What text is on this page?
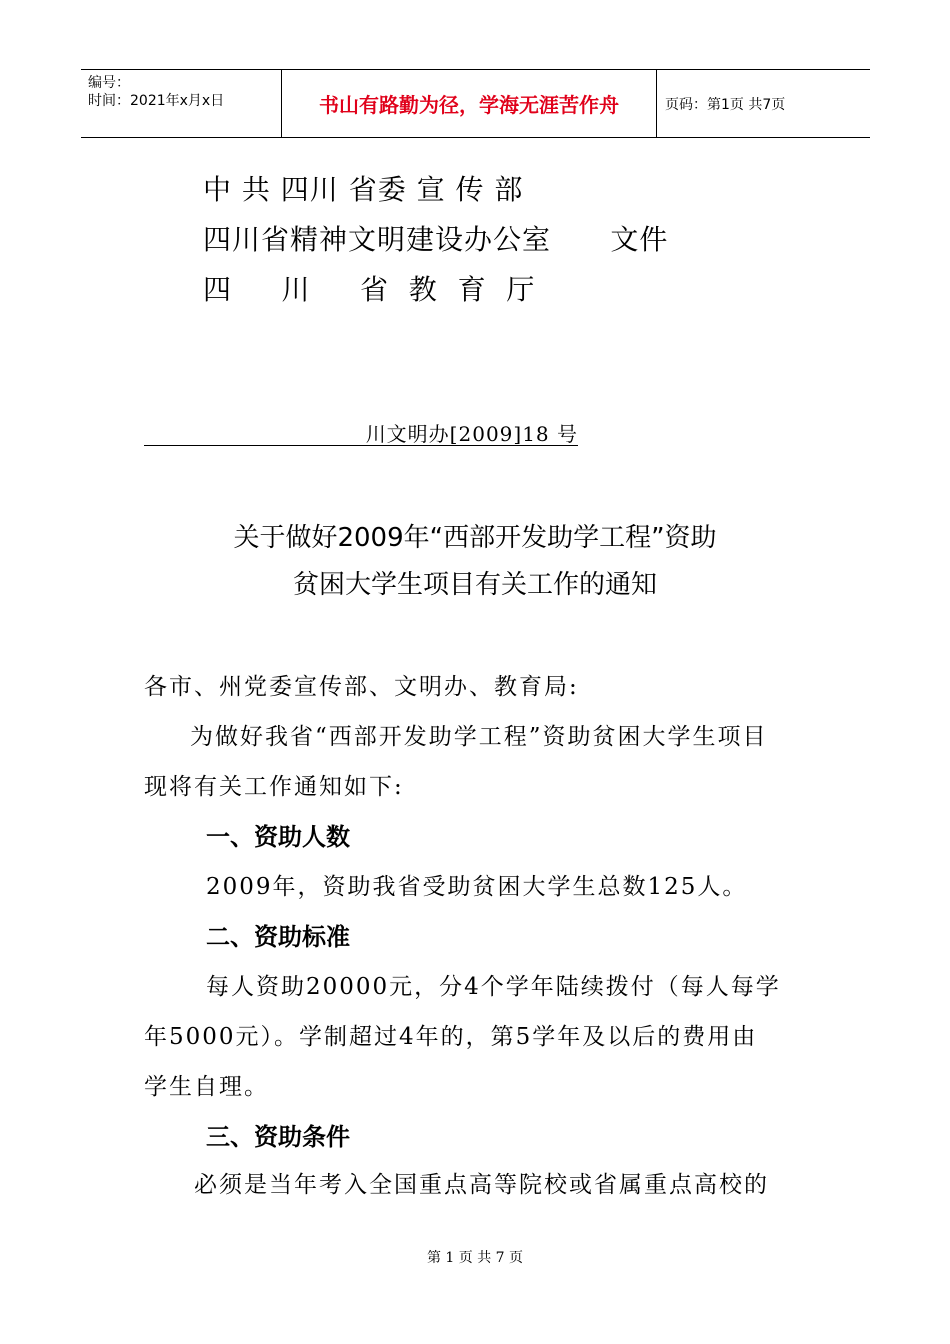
编号：
时间：2021年x月x日	书山有路勤为径，学海无涯苦作舟	页码：第1页 共7页
中 共 四川 省委 宣 传 部
四川省精神文明建设办公室      文件
四     川     省  教  育  厅
川文明办[2009]18 号
关于做好2009年“西部开发助学工程”资助
贫困大学生项目有关工作的通知
各市、州党委宣传部、文明办、教育局:
为做好我省“西部开发助学工程”资助贫困大学生项目
现将有关工作通知如下:
一、资助人数
2009年，资助我省受助贫困大学生总数125人。
二、资助标准
每人资助20000元，分4个学年陆续拨付（每人每学
年5000元）。学制超过4年的，第5学年及以后的费用由
学生自理。
三、资助条件
必须是当年考入全国重点高等院校或省属重点高校的
第 1 页 共 7 页
